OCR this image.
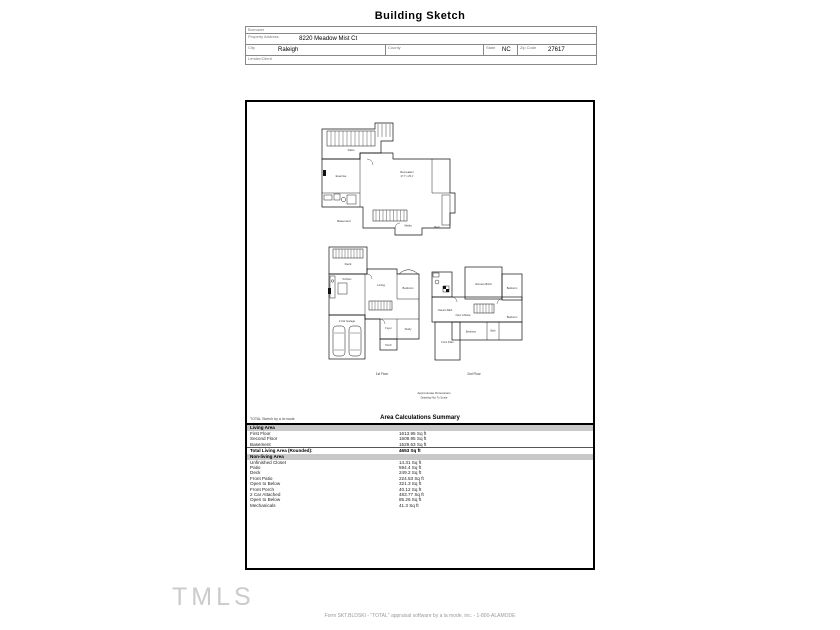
Building Sketch
Borrower
Property Address	8220 Meadow Mist Ct
City	Raleigh	County	State NC	Zip Code 27617
Lender/Client
Patio
Exercise
Recreation
27.7' x 25.1'
Media	Mech
Basement
Deck
Kitchen
Living
Bedroom
Study
Foyer
2 Car Garage
Porch
1st Floor
Owners Bdrm
Bedroom
Owners Bath
Open to Below
Bedroom	Bath
Bedroom
Front Patio
2nd Floor
Approximate Dimensions
Drawing Not To Scale
TOTAL Sketch by a la mode	Area Calculations Summary
Living Area
First Floor	1613.95 Sq ft
Second Floor	1509.95 Sq ft
Basement	1529.53 Sq ft
Total Living Area (Rounded):	4653 Sq ft
Non-living Area
Unfinished Closet	14.31 Sq ft
Patio	594.4 Sq ft
Deck	249.2 Sq ft
Front Patio	224.53 Sq ft
Open to Below	321.3 Sq ft
Front Porch	40.12 Sq ft
2 Car Attached	483.77 Sq ft
Open to Below	85.26 Sq ft
Mechanicals	41.3 Sq ft
TMLS
Form SKT.BLDSKI - "TOTAL" appraisal software by a la mode, inc. - 1-800-ALAMODE
